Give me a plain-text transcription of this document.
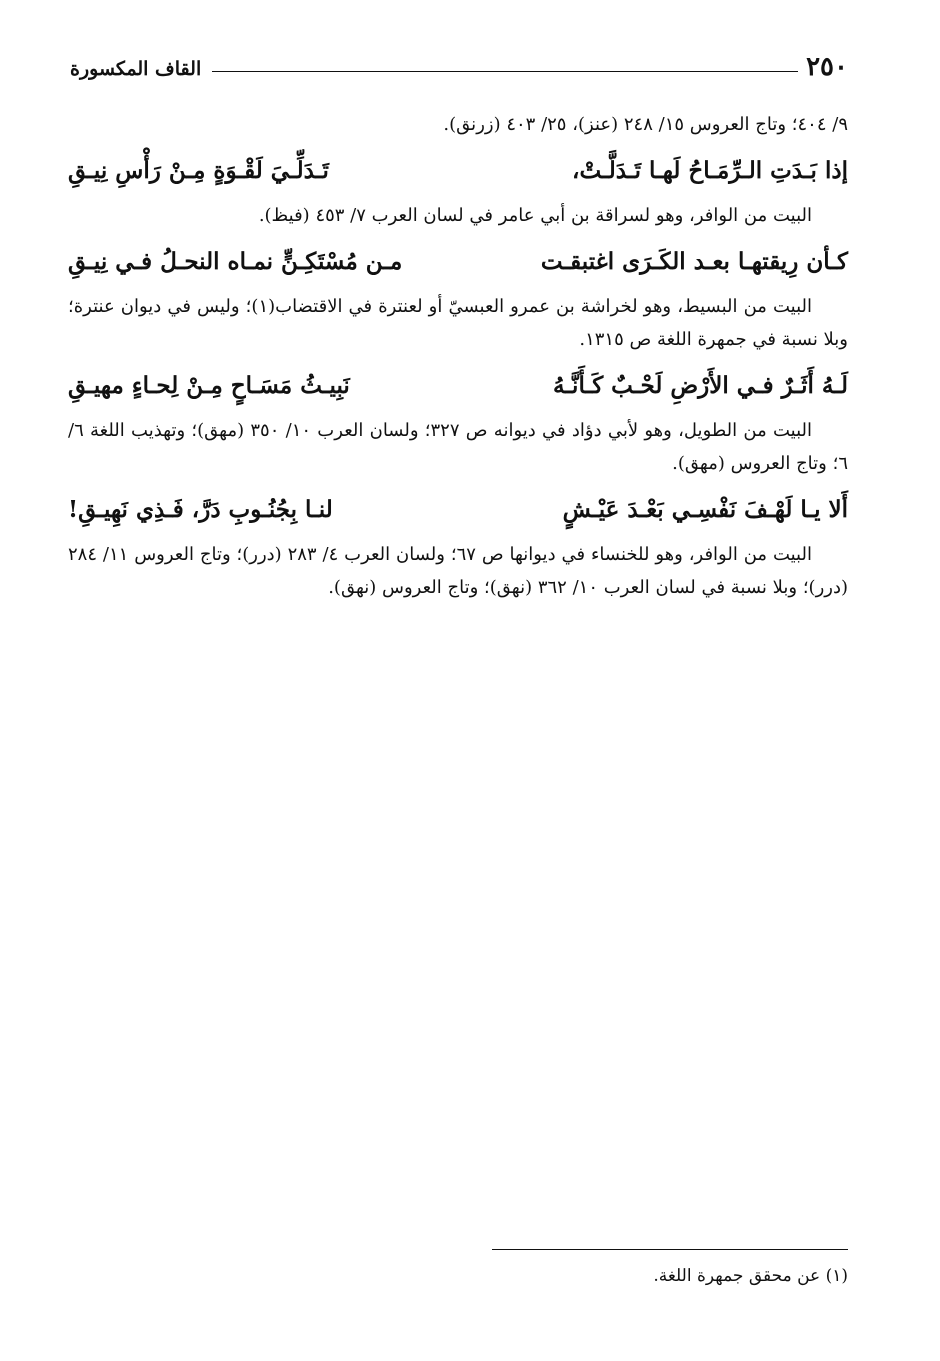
٢٥٠
القاف المكسورة

٩/ ٤٠٤؛ وتاج العروس ١٥/ ٢٤٨ (عنز)، ٢٥/ ٤٠٣ (زرنق).

إذا بَـدَتِ الـرِّمَـاحُ لَهـا تَـدَلَّـتْ،
تَـدَلِّـيَ لَقْـوَةٍ مِـنْ رَأْسِ نِيـقِ

البيت من الوافر، وهو لسراقة بن أبي عامر في لسان العرب ٧/ ٤٥٣ (فيظ).

كـأن رِيقتهـا بعـد الكَـرَى اغتبقـت
مـن مُسْتَكِـنٍّ نمـاه النحـلُ فـي نِيـقِ

البيت من البسيط، وهو لخراشة بن عمرو العبسيّ أو لعنترة في الاقتضاب(١)؛ وليس في ديوان عنترة؛ وبلا نسبة في جمهرة اللغة ص ١٣١٥.

لَـهُ أَثَـرٌ فـي الأَرْضِ لَحْـبٌ كَـأَنَّـهُ
نَبِيـثُ مَسَـاحٍ مِـنْ لِحـاءٍ مهيـقِ

البيت من الطويل، وهو لأبي دؤاد في ديوانه ص ٣٢٧؛ ولسان العرب ١٠/ ٣٥٠ (مهق)؛ وتهذيب اللغة ٦/ ٦؛ وتاج العروس (مهق).

أَلا يـا لَهْـفَ نَفْسِـي بَعْـدَ عَيْـشٍ
لنـا بِجُنُـوبِ دَرَّ، فَـذِي نَهِيـقِ!

البيت من الوافر، وهو للخنساء في ديوانها ص ٦٧؛ ولسان العرب ٤/ ٢٨٣ (درر)؛ وتاج العروس ١١/ ٢٨٤ (درر)؛ وبلا نسبة في لسان العرب ١٠/ ٣٦٢ (نهق)؛ وتاج العروس (نهق).

(١) عن محقق جمهرة اللغة.
